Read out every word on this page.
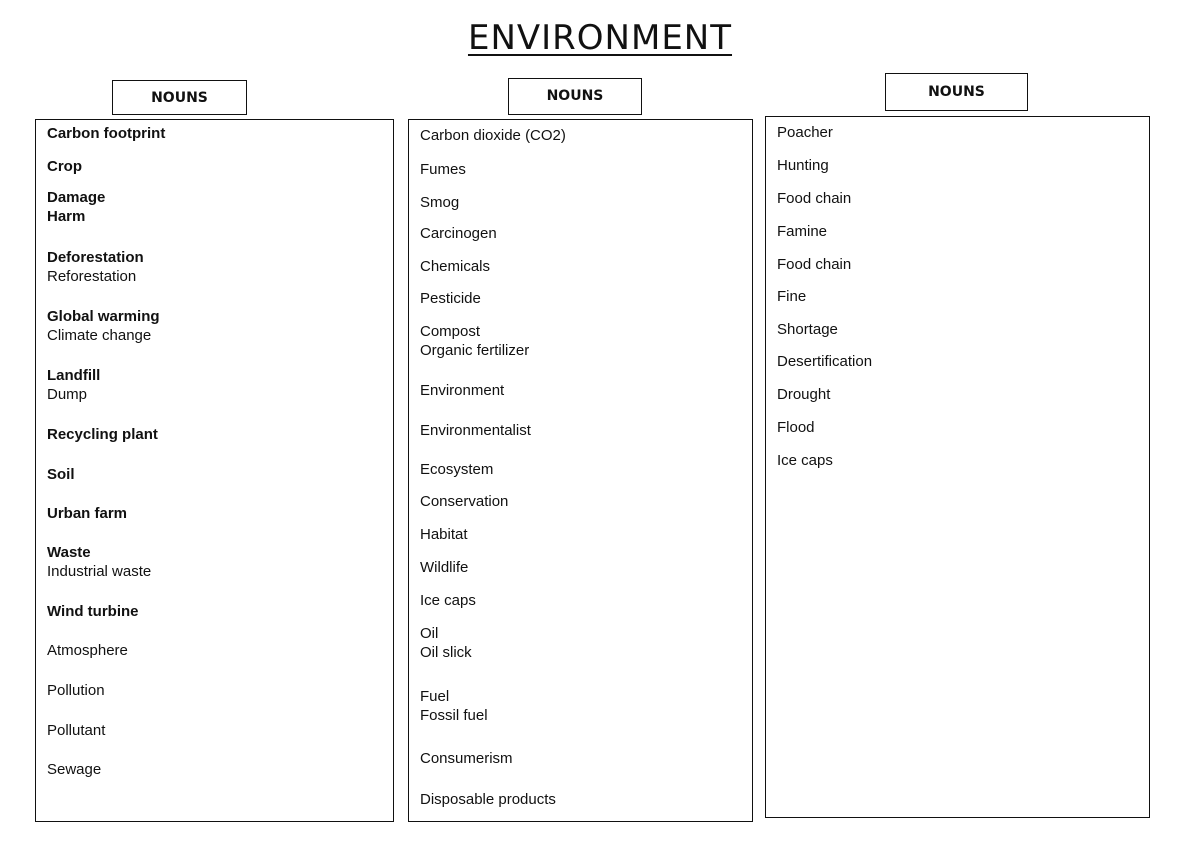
ENVIRONMENT
NOUNS	NOUNS	NOUNS
Carbon footprint
Crop
Damage
Harm
Deforestation
Reforestation
Global warming
Climate change
Landfill
Dump
Recycling plant
Soil
Urban farm
Waste
Industrial waste
Wind turbine
Atmosphere
Pollution
Pollutant
Sewage
Carbon dioxide (CO2)
Fumes
Smog
Carcinogen
Chemicals
Pesticide
Compost
Organic fertilizer
Environment
Environmentalist
Ecosystem
Conservation
Habitat
Wildlife
Ice caps
Oil
Oil slick
Fuel
Fossil fuel
Consumerism
Disposable products
Poacher
Hunting
Food chain
Famine
Food chain
Fine
Shortage
Desertification
Drought
Flood
Ice caps
